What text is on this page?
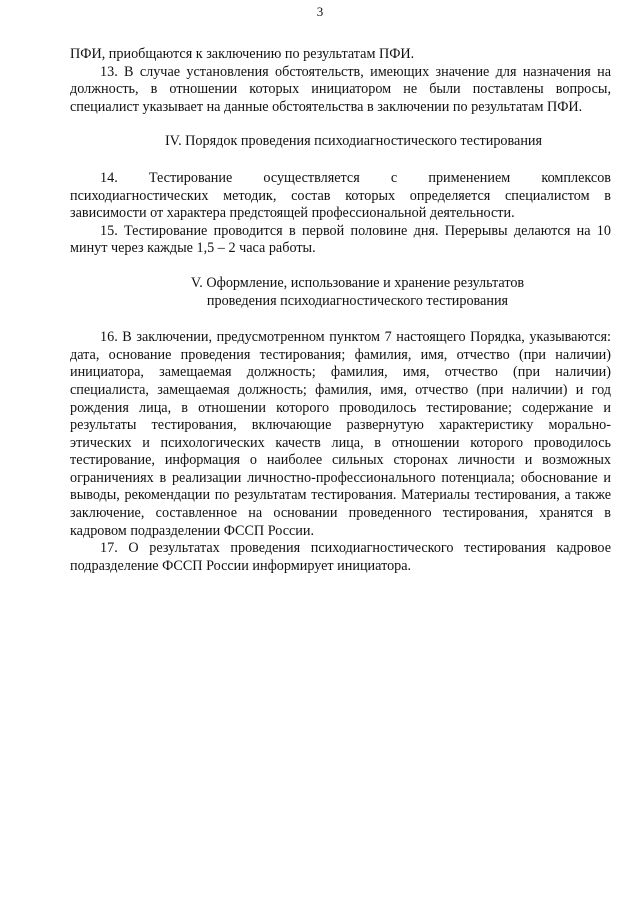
3

ПФИ, приобщаются к заключению по результатам ПФИ.

13. В случае установления обстоятельств, имеющих значение для назначения на должность, в отношении которых инициатором не были поставлены вопросы, специалист указывает на данные обстоятельства в заключении по результатам ПФИ.

IV. Порядок проведения психодиагностического тестирования

14. Тестирование осуществляется с применением комплексов психодиагностических методик, состав которых определяется специалистом в зависимости от характера предстоящей профессиональной деятельности.

15. Тестирование проводится в первой половине дня. Перерывы делаются на 10 минут через каждые 1,5 – 2 часа работы.

V. Оформление, использование и хранение результатов
проведения психодиагностического тестирования

16. В заключении, предусмотренном пунктом 7 настоящего Порядка, указываются: дата, основание проведения тестирования; фамилия, имя, отчество (при наличии) инициатора, замещаемая должность; фамилия, имя, отчество (при наличии) специалиста, замещаемая должность; фамилия, имя, отчество (при наличии) и год рождения лица, в отношении которого проводилось тестирование; содержание и результаты тестирования, включающие развернутую характеристику морально-этических и психологических качеств лица, в отношении которого проводилось тестирование, информация о наиболее сильных сторонах личности и возможных ограничениях в реализации личностно-профессионального потенциала; обоснование и выводы, рекомендации по результатам тестирования. Материалы тестирования, а также заключение, составленное на основании проведенного тестирования, хранятся в кадровом подразделении ФССП России.

17. О результатах проведения психодиагностического тестирования кадровое подразделение ФССП России информирует инициатора.
